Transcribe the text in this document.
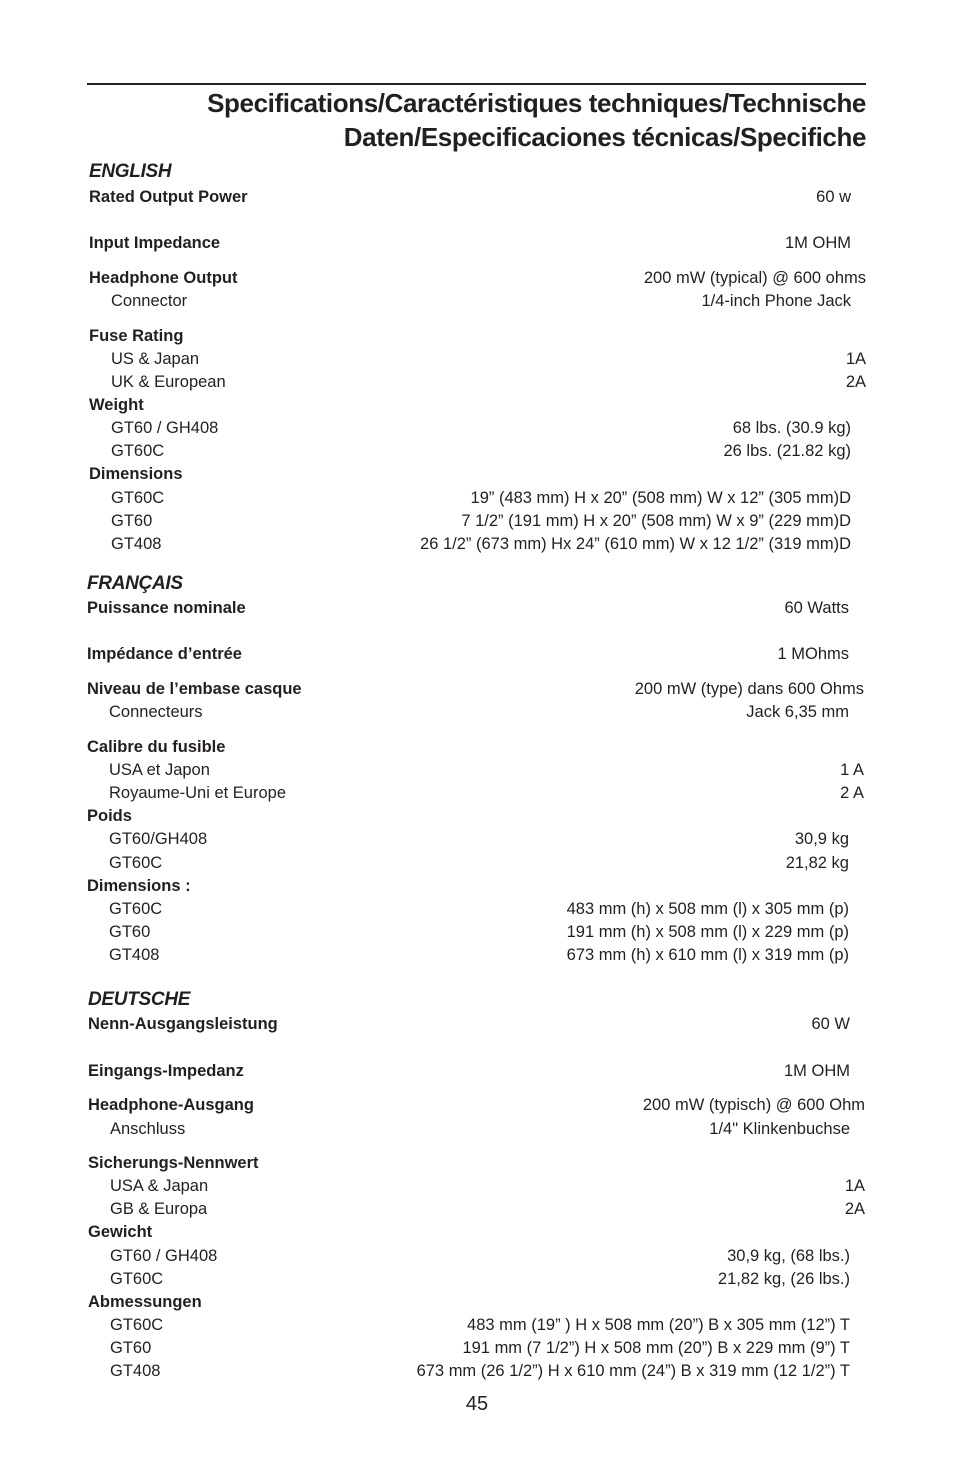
Specifications/Caractéristiques techniques/Technische
Daten/Especificaciones técnicas/Specifiche
ENGLISH
Rated Output Power	60 w
Input Impedance	1M OHM
Headphone Output	200 mW (typical) @ 600 ohms
Connector	1/4-inch Phone Jack
Fuse Rating
US & Japan	1A
UK & European	2A
Weight
GT60 / GH408	68 lbs. (30.9 kg)
GT60C	26 lbs. (21.82 kg)
Dimensions
GT60C	19” (483 mm) H x 20” (508 mm) W x 12” (305 mm)D
GT60	7 1/2” (191 mm) H x 20” (508 mm) W x 9” (229 mm)D
GT408	26 1/2” (673 mm) Hx 24” (610 mm) W x 12 1/2” (319 mm)D
FRANÇAIS
Puissance nominale	60 Watts
Impédance d’entrée	1 MOhms
Niveau de l’embase casque	200 mW (type) dans 600 Ohms
Connecteurs	Jack 6,35 mm
Calibre du fusible
USA et Japon	1 A
Royaume-Uni et Europe	2 A
Poids
GT60/GH408	30,9 kg
GT60C	21,82 kg
Dimensions :
GT60C	483 mm (h) x 508 mm (l) x 305 mm (p)
GT60	191 mm (h) x 508 mm (l) x 229 mm (p)
GT408	673 mm (h) x 610 mm (l) x 319 mm (p)
DEUTSCHE
Nenn-Ausgangsleistung	60 W
Eingangs-Impedanz	1M OHM
Headphone-Ausgang	200 mW (typisch) @ 600 Ohm
Anschluss	1/4" Klinkenbuchse
Sicherungs-Nennwert
USA & Japan	1A
GB & Europa	2A
Gewicht
GT60 / GH408	30,9 kg, (68 lbs.)
GT60C	21,82 kg, (26 lbs.)
Abmessungen
GT60C	483 mm (19” ) H x 508 mm (20”) B x 305 mm (12”) T
GT60	191 mm (7 1/2”) H x 508 mm (20”) B x 229 mm (9”) T
GT408	673 mm (26 1/2”) H x 610 mm (24”) B x 319 mm (12 1/2”) T
45
